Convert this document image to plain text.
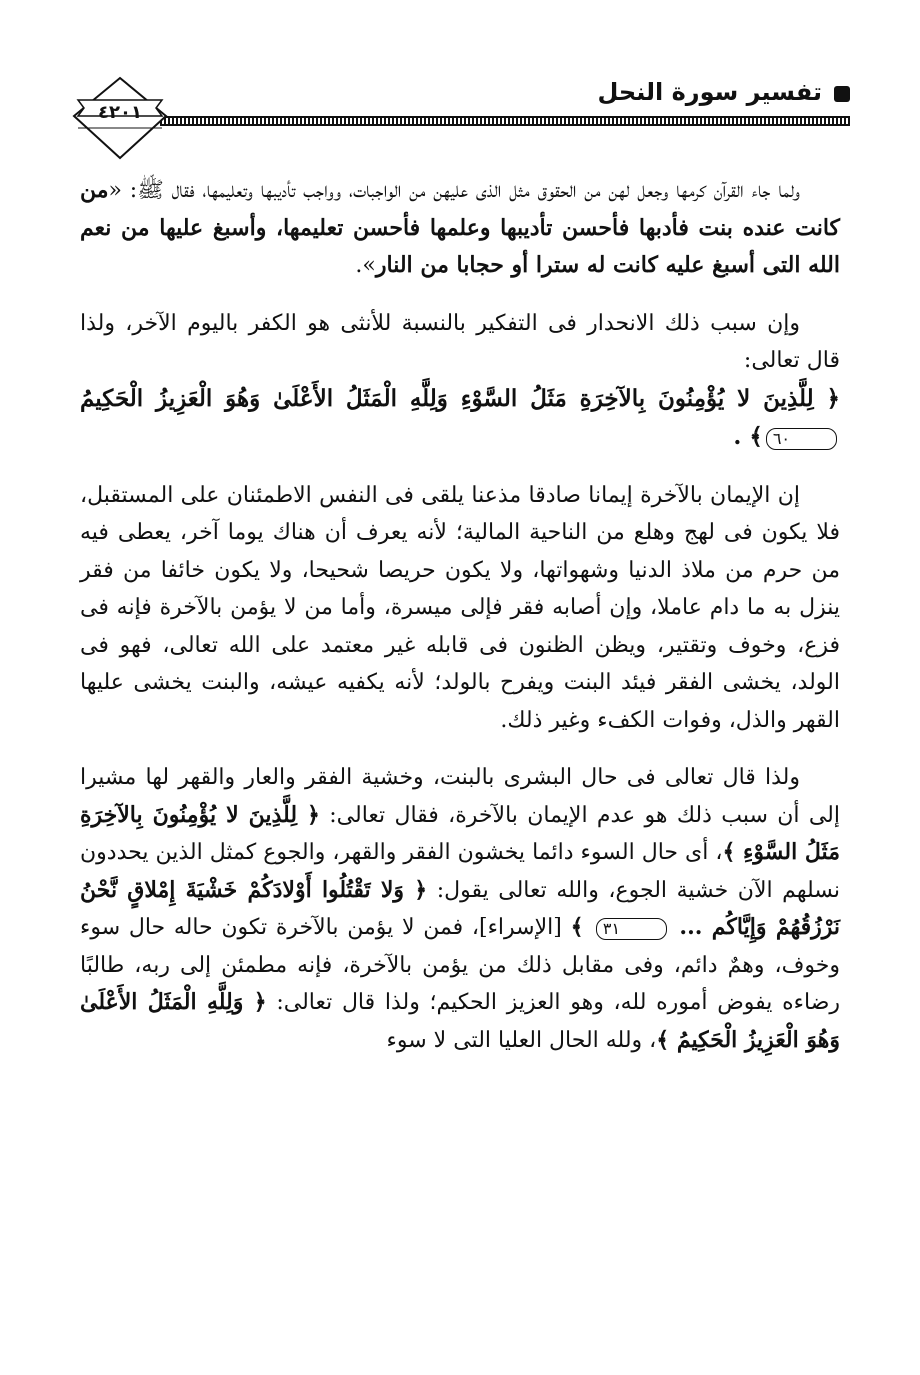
تفسير سورة النحل
٤٢٠١

ولما جاء القرآن كرمها وجعل لهن من الحقوق مثل الذى عليهن من الواجبات، وواجب تأديبها وتعليمها، فقال ﷺ: «من كانت عنده بنت فأدبها فأحسن تأديبها وعلمها فأحسن تعليمها، وأسبغ عليها من نعم الله التى أسبغ عليه كانت له سترا أو حجابا من النار».

وإن سبب ذلك الانحدار فى التفكير بالنسبة للأنثى هو الكفر باليوم الآخر، ولذا قال تعالى:
﴿ لِلَّذِينَ لا يُؤْمِنُونَ بِالآخِرَةِ مَثَلُ السَّوْءِ وَلِلَّهِ الْمَثَلُ الأَعْلَىٰ وَهُوَ الْعَزِيزُ الْحَكِيمُ ٦٠﴾ .

إن الإيمان بالآخرة إيمانا صادقا مذعنا يلقى فى النفس الاطمئنان على المستقبل، فلا يكون فى لهج وهلع من الناحية المالية؛ لأنه يعرف أن هناك يوما آخر، يعطى فيه من حرم من ملاذ الدنيا وشهواتها، ولا يكون حريصا شحيحا، ولا يكون خائفا من فقر ينزل به ما دام عاملا، وإن أصابه فقر فإلى ميسرة، وأما من لا يؤمن بالآخرة فإنه فى فزع، وخوف وتقتير، ويظن الظنون فى قابله غير معتمد على الله تعالى، فهو فى الولد، يخشى الفقر فيئد البنت ويفرح بالولد؛ لأنه يكفيه عيشه، والبنت يخشى عليها القهر والذل، وفوات الكفء وغير ذلك.

ولذا قال تعالى فى حال البشرى بالبنت، وخشية الفقر والعار والقهر لها مشيرا إلى أن سبب ذلك هو عدم الإيمان بالآخرة، فقال تعالى: ﴿ لِلَّذِينَ لا يُؤْمِنُونَ بِالآخِرَةِ مَثَلُ السَّوْءِ ﴾، أى حال السوء دائما يخشون الفقر والقهر، والجوع كمثل الذين يحددون نسلهم الآن خشية الجوع، والله تعالى يقول: ﴿ وَلا تَقْتُلُوا أَوْلادَكُمْ خَشْيَةَ إِمْلاقٍ نَّحْنُ نَرْزُقُهُمْ وَإِيَّاكُم ... ٣١ ﴾ [الإسراء]، فمن لا يؤمن بالآخرة تكون حاله حال سوء وخوف، وهمٌ دائم، وفى مقابل ذلك من يؤمن بالآخرة، فإنه مطمئن إلى ربه، طالبًا رضاءه يفوض أموره لله، وهو العزيز الحكيم؛ ولذا قال تعالى: ﴿ وَلِلَّهِ الْمَثَلُ الأَعْلَىٰ وَهُوَ الْعَزِيزُ الْحَكِيمُ ﴾، ولله الحال العليا التى لا سوء
